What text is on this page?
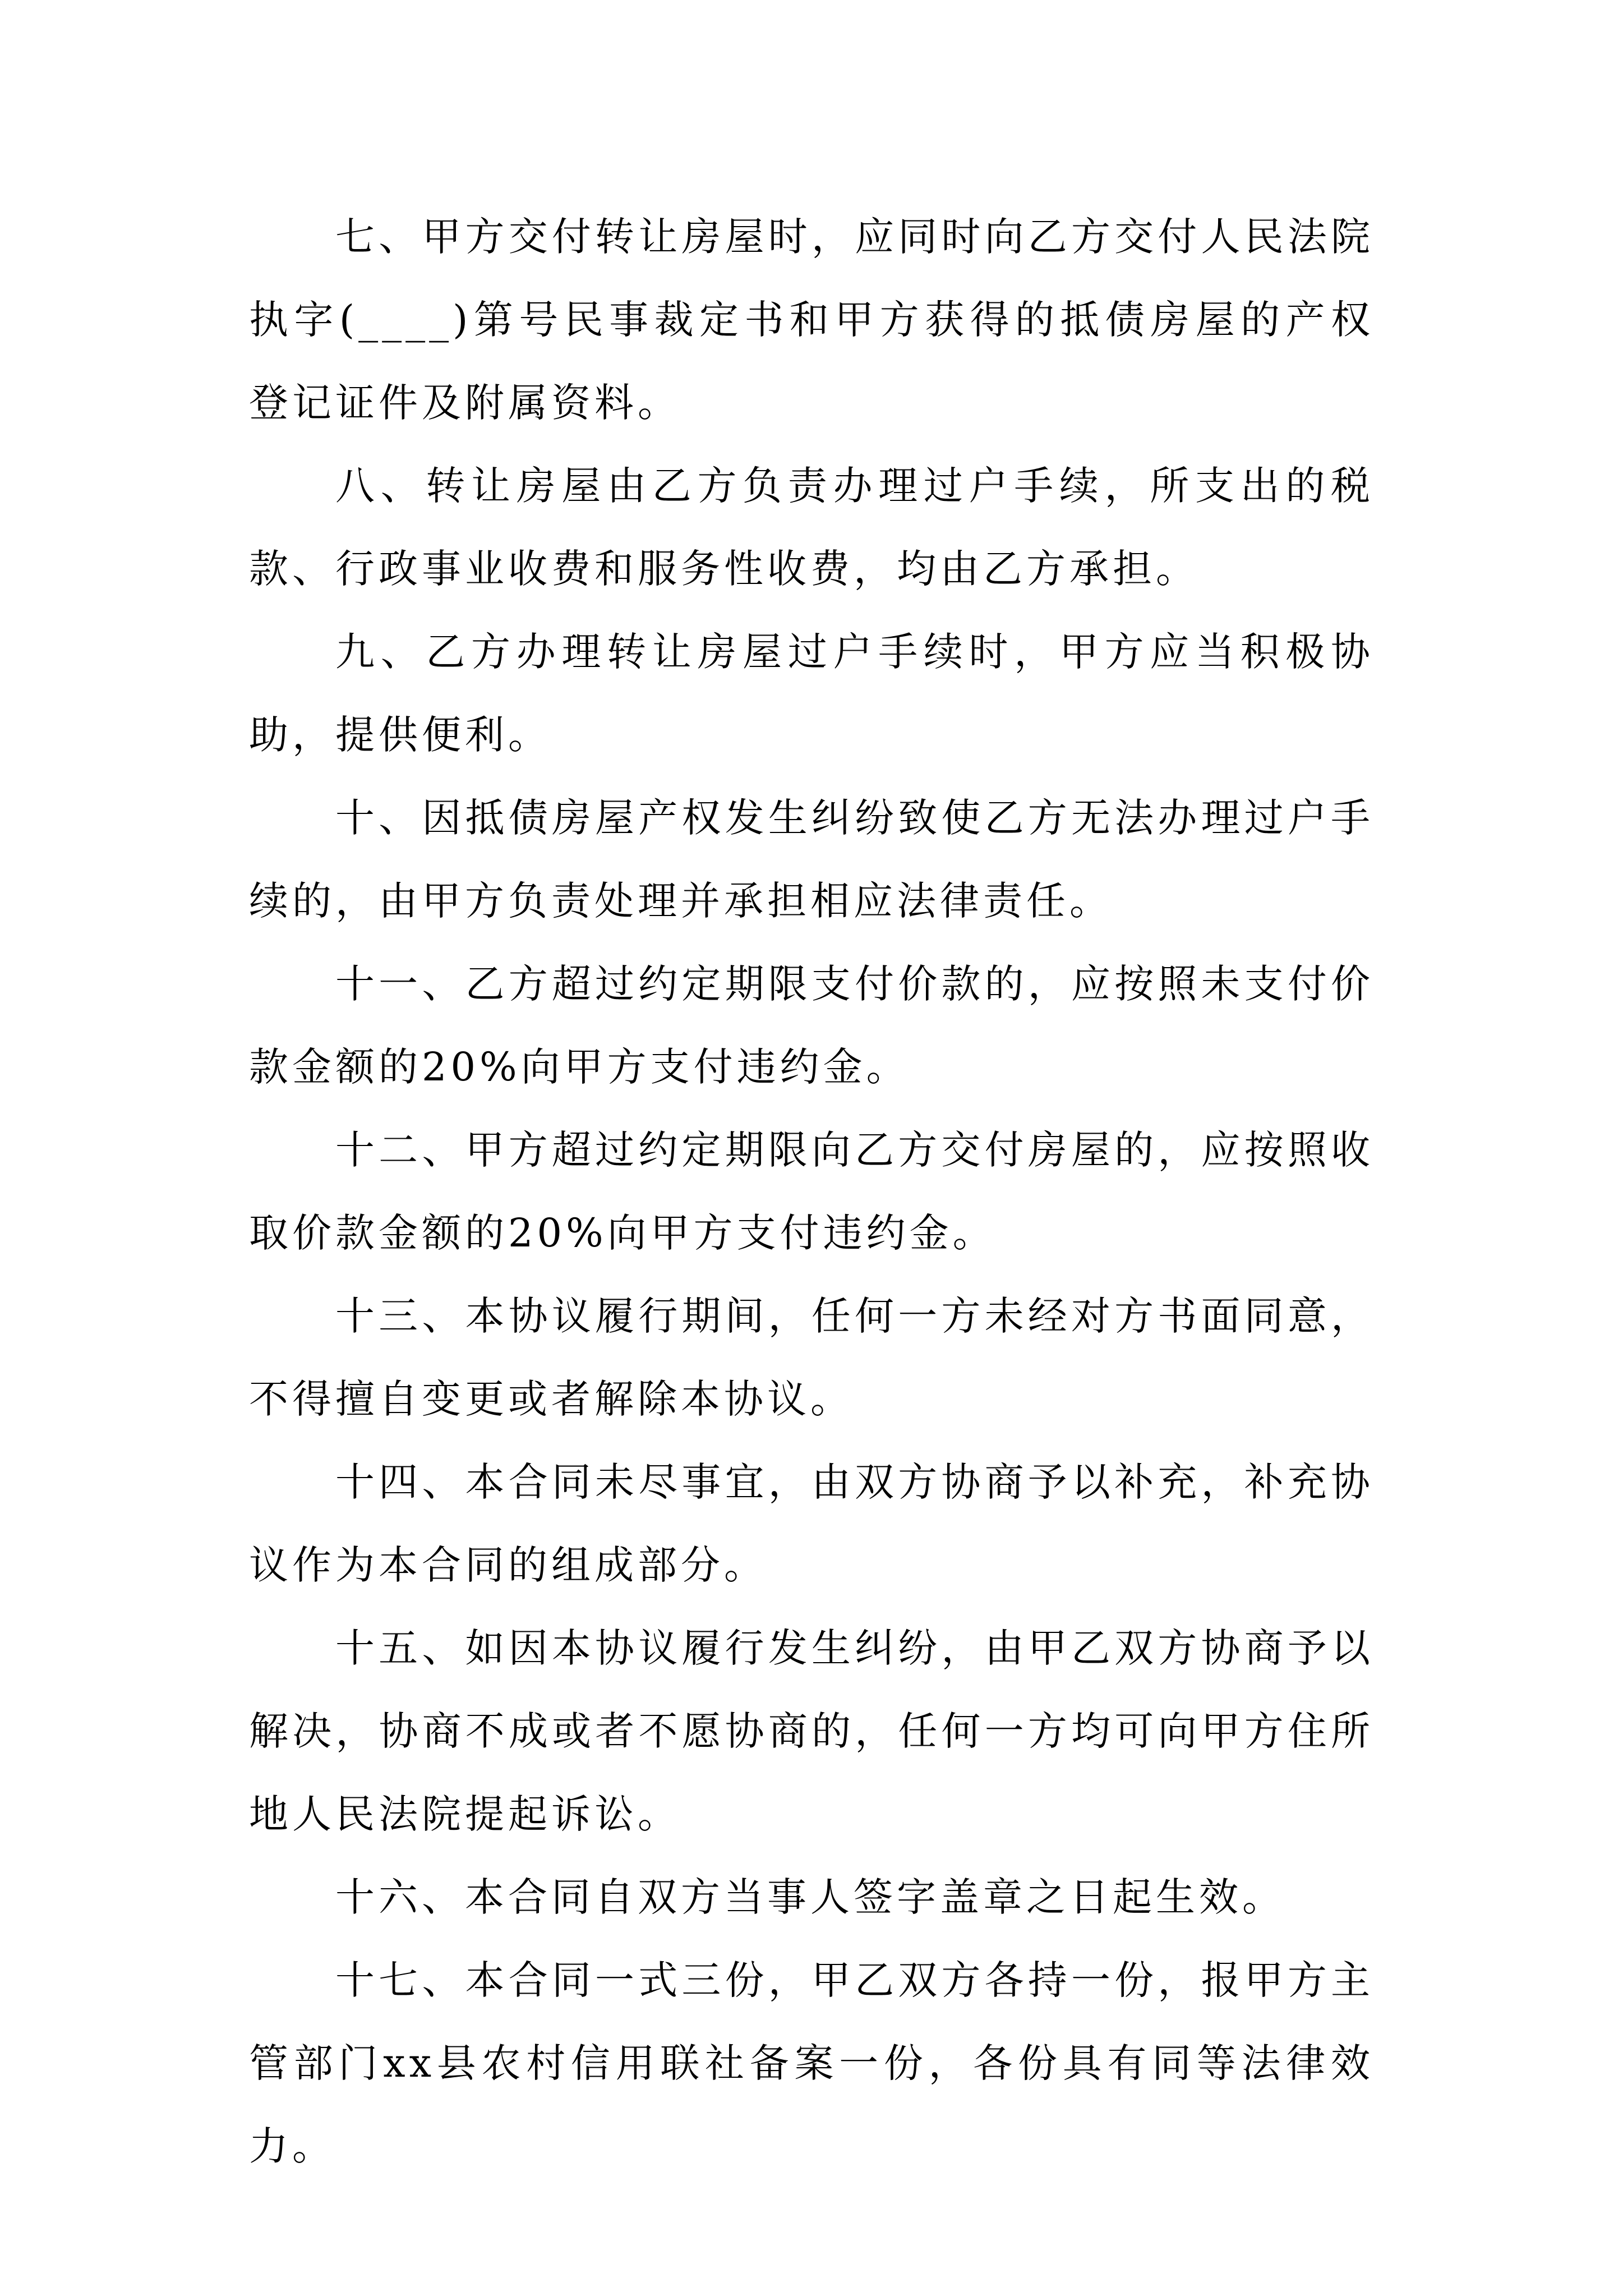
七、甲方交付转让房屋时，应同时向乙方交付人民法院执字(____)第号民事裁定书和甲方获得的抵债房屋的产权登记证件及附属资料。

八、转让房屋由乙方负责办理过户手续，所支出的税款、行政事业收费和服务性收费，均由乙方承担。

九、乙方办理转让房屋过户手续时，甲方应当积极协助，提供便利。

十、因抵债房屋产权发生纠纷致使乙方无法办理过户手续的，由甲方负责处理并承担相应法律责任。

十一、乙方超过约定期限支付价款的，应按照未支付价款金额的20%向甲方支付违约金。

十二、甲方超过约定期限向乙方交付房屋的，应按照收取价款金额的20%向甲方支付违约金。

十三、本协议履行期间，任何一方未经对方书面同意，不得擅自变更或者解除本协议。

十四、本合同未尽事宜，由双方协商予以补充，补充协议作为本合同的组成部分。

十五、如因本协议履行发生纠纷，由甲乙双方协商予以解决，协商不成或者不愿协商的，任何一方均可向甲方住所地人民法院提起诉讼。

十六、本合同自双方当事人签字盖章之日起生效。

十七、本合同一式三份，甲乙双方各持一份，报甲方主管部门xx县农村信用联社备案一份，各份具有同等法律效力。
